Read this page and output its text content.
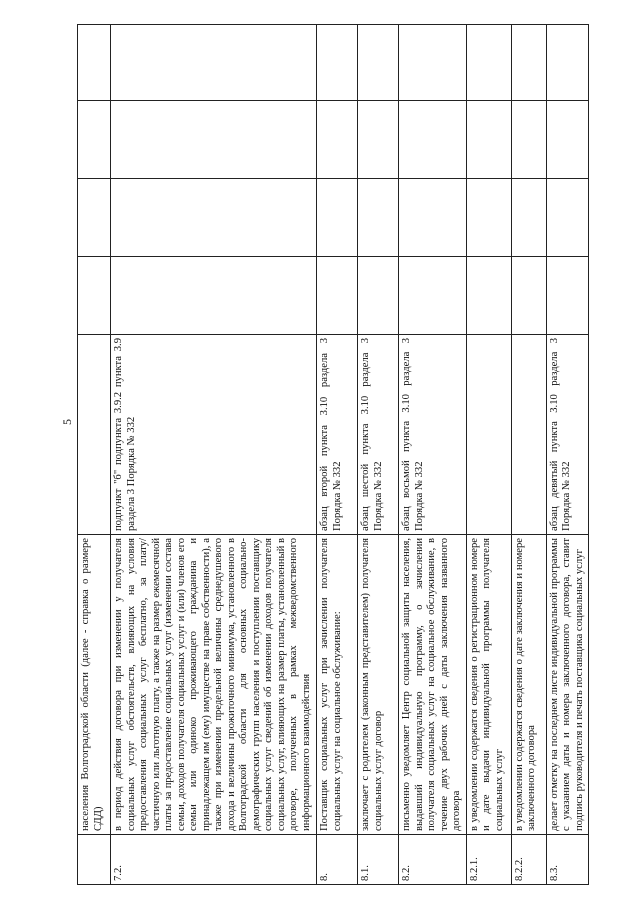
5
	населения Волгоградской области (далее - справка о размере СДД)					
7.2.	в период действия договора при изменении у получателя социальных услуг обстоятельств, влияющих на условия предоставления социальных услуг бесплатно, за плату/частичную или льготную плату, а также на размер ежемесячной платы за предоставление социальных услуг (изменении состава семьи, доходов получателя социальных услуг и (или) членов его семьи или одиноко проживающего гражданина и принадлежащем им (ему) имуществе на праве собственности), а также при изменении предельной величины среднедушевого дохода и величины прожиточного минимума, установленного в Волгоградской области для основных социально-демографических групп населения и поступлении поставщику социальных услуг сведений об изменении доходов получателя социальных услуг, влияющих на размер платы, установленный в договоре, полученных в рамках межведомственного информационного взаимодействия	подпункт "б" подпункта 3.9.2 пункта 3.9 раздела 3 Порядка № 332				
8.	Поставщик социальных услуг при зачислении получателя социальных услуг на социальное обслуживание:	абзац второй пункта 3.10 раздела 3 Порядка № 332				
8.1.	заключает с родителем (законным представителем) получателя социальных услуг договор	абзац шестой пункта 3.10 раздела 3 Порядка № 332				
8.2.	письменно уведомляет Центр социальной защиты населения, выдавший индивидуальную программу, о зачислении получателя социальных услуг на социальное обслуживание, в течение двух рабочих дней с даты заключения названного договора	абзац восьмой пункта 3.10 раздела 3 Порядка № 332				
8.2.1.	в уведомлении содержатся сведения о регистрационном номере и дате выдачи индивидуальной программы получателя социальных услуг					
8.2.2.	в уведомлении содержатся сведения о дате заключения и номере заключенного договора					
8.3.	делает отметку на последнем листе индивидуальной программы с указанием даты и номера заключенного договора, ставит подпись руководителя и печать поставщика социальных услуг	абзац девятый пункта 3.10 раздела 3 Порядка № 332				
